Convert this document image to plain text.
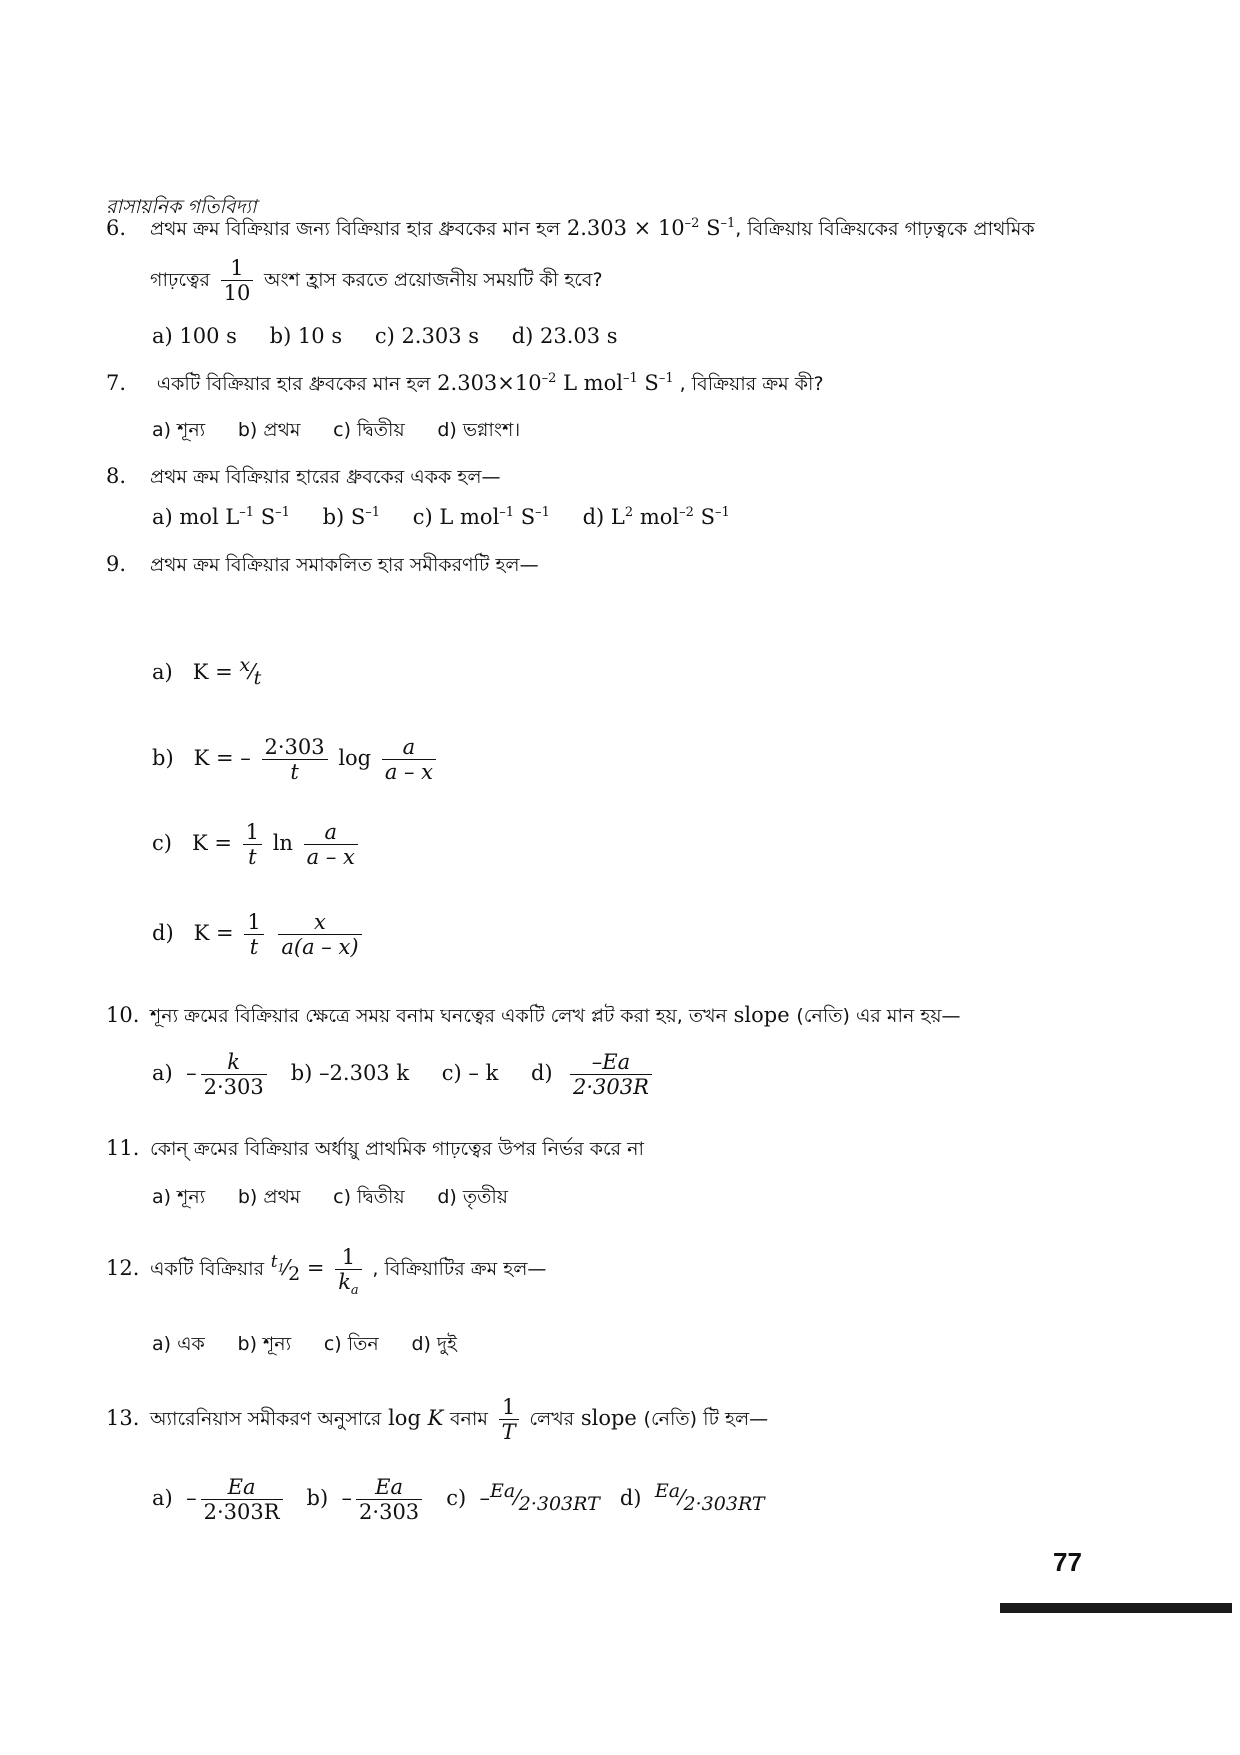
রাসায়নিক গতিবিদ্যা
6. প্রথম ক্রম বিক্রিয়ার জন্য বিক্রিয়ার হার ধ্রুবকের মান হল $2.303 \times 10^{-2}$ $S^{-1}$, বিক্রিয়ায় বিক্রিয়কের গাঢ়ত্বকে প্রাথমিক
গাঢ়ত্বের $\frac{1}{10}$ অংশ হ্রাস করতে প্রয়োজনীয় সময়টি কী হবে?
a) 100 s b) 10 s c) 2.303 s d) 23.03 s
7. একটি বিক্রিয়ার হার ধ্রুবকের মান হল $2.303\times 10^{-2}$ L mol$^{-1}$ $S^{-1}$ , বিক্রিয়ার ক্রম কী?
a) শূন্য b) প্রথম c) দ্বিতীয় d) ভগ্নাংশ।
8. প্রথম ক্রম বিক্রিয়ার হারের ধ্রুবকের একক হল—
a) mol $L^{-1}$ $S^{-1}$ b) $S^{-1}$ c) L mol$^{-1}$ $S^{-1}$ d) $L^2$ mol$^{-2}$ $S^{-1}$
9. প্রথম ক্রম বিক্রিয়ার সমাকলিত হার সমীকরণটি হল—
a) $K = ^x⁄_t$
b) K = – $\frac{2\cdot 303}{t}$ $\log \frac{a}{a - x}$
c) $K = \frac{1}{t}$ $\ln \frac{a}{a - x}$
d) $K = \frac{1}{t}$
$\frac{x}{a(a - x)}$
10. শূন্য ক্রমের বিক্রিয়ার ক্ষেত্রে সময় বনাম ঘনত্বের একটি লেখ প্লট করা হয়, তখন slope (নেতি) এর মান হয়—
$a) - \frac{k}{2\cdot 303} b$) –2.303 k c) – k $d) \frac{-Ea}{2\cdot 303R}$
11. কোন্ ক্রমের বিক্রিয়ার অর্ধায়ু প্রাথমিক গাঢ়ত্বের উপর নির্ভর করে না
a) শূন্য b) প্রথম c) দ্বিতীয় d) তৃতীয়
12. একটি বিক্রিয়ার $^{t_1}⁄_2 = \frac{1}{k_a}$ , বিক্রিয়াটির ক্রম হল—
a) এক b) শূন্য c) তিন d) দুই
13. অ্যারেনিয়াস সমীকরণ অনুসারে log K বনাম $\frac{1}{T}$ লেখর slope (নেতি) টি হল—
$a) - \frac{Ea}{2\cdot 303R} b) - \frac{Ea}{2\cdot 303} c$)  $-^{Ea}⁄_{2\cdot 303RT}$ d) $^{Ea}⁄_{2\cdot 303RT}$
77
